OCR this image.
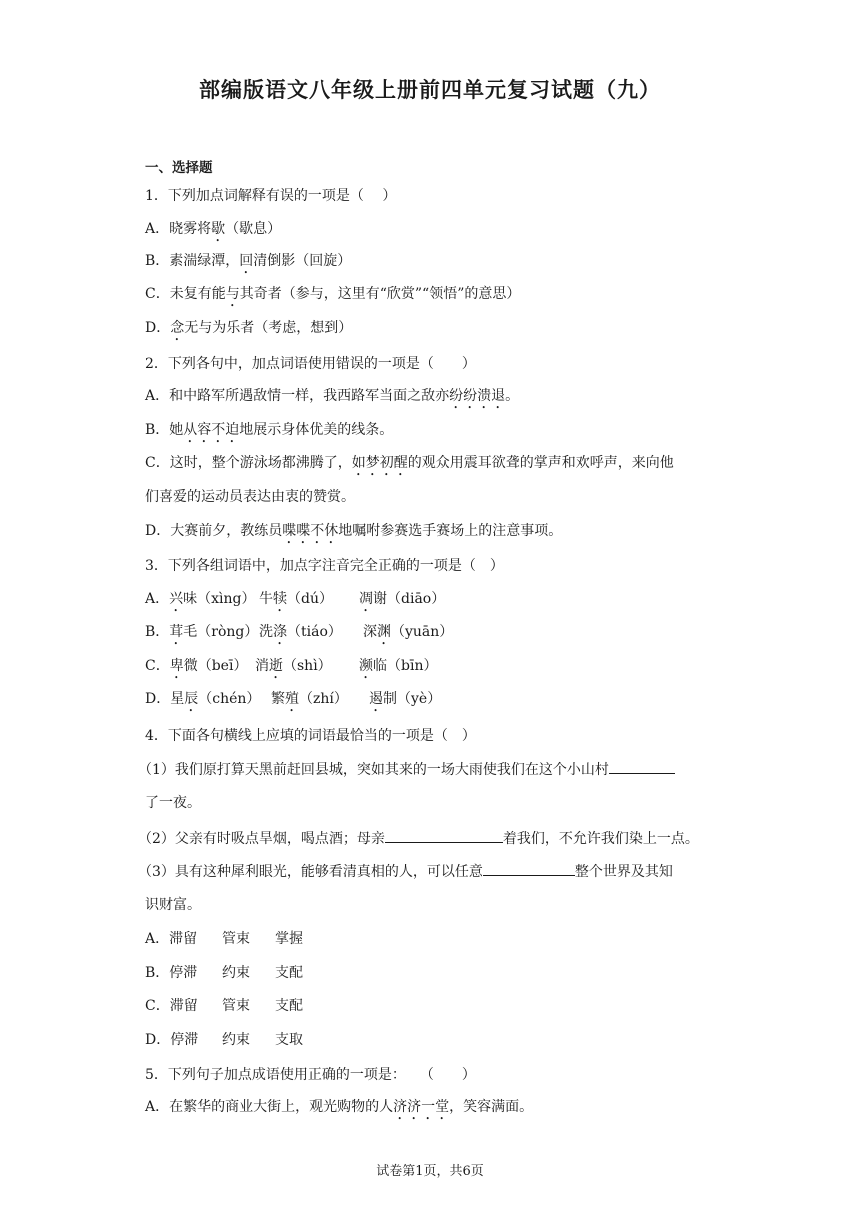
部编版语文八年级上册前四单元复习试题（九）
一、选择题
1．下列加点词解释有误的一项是（　 ）
A．晓雾将歇（歇息）
B．素湍绿潭，回清倒影（回旋）
C．未复有能与其奇者（参与，这里有“欣赏”“领悟”的意思）
D．念无与为乐者（考虑，想到）
2．下列各句中，加点词语使用错误的一项是（　　）
A．和中路军所遇敌情一样，我西路军当面之敌亦纷纷溃退。
B．她从容不迫地展示身体优美的线条。
C．这时，整个游泳场都沸腾了，如梦初醒的观众用震耳欲聋的掌声和欢呼声，来向他
们喜爱的运动员表达由衷的赞赏。
D．大赛前夕，教练员喋喋不休地嘱咐参赛选手赛场上的注意事项。
3．下列各组词语中，加点字注音完全正确的一项是（　）
A．兴味（xìng） 牛犊（dú） 凋谢（diāo）
B．茸毛（ròng）洗涤（tiáo） 深渊（yuān）
C．卑微（beī） 消逝（shì） 濒临（bīn）
D．星辰（chén） 繁殖（zhí） 遏制（yè）
4．下面各句横线上应填的词语最恰当的一项是（　）
（1）我们原打算天黑前赶回县城，突如其来的一场大雨使我们在这个小山村
了一夜。
（2）父亲有时吸点旱烟，喝点酒；母亲	着我们，不允许我们染上一点。
（3）具有这种犀利眼光，能够看清真相的人，可以任意	整个世界及其知
识财富。
A．滞留 管束 掌握
B．停滞 约束 支配
C．滞留 管束 支配
D．停滞 约束 支取
5．下列句子加点成语使用正确的一项是：　　（　　）
A．在繁华的商业大街上，观光购物的人济济一堂，笑容满面。
试卷第1页，共6页
